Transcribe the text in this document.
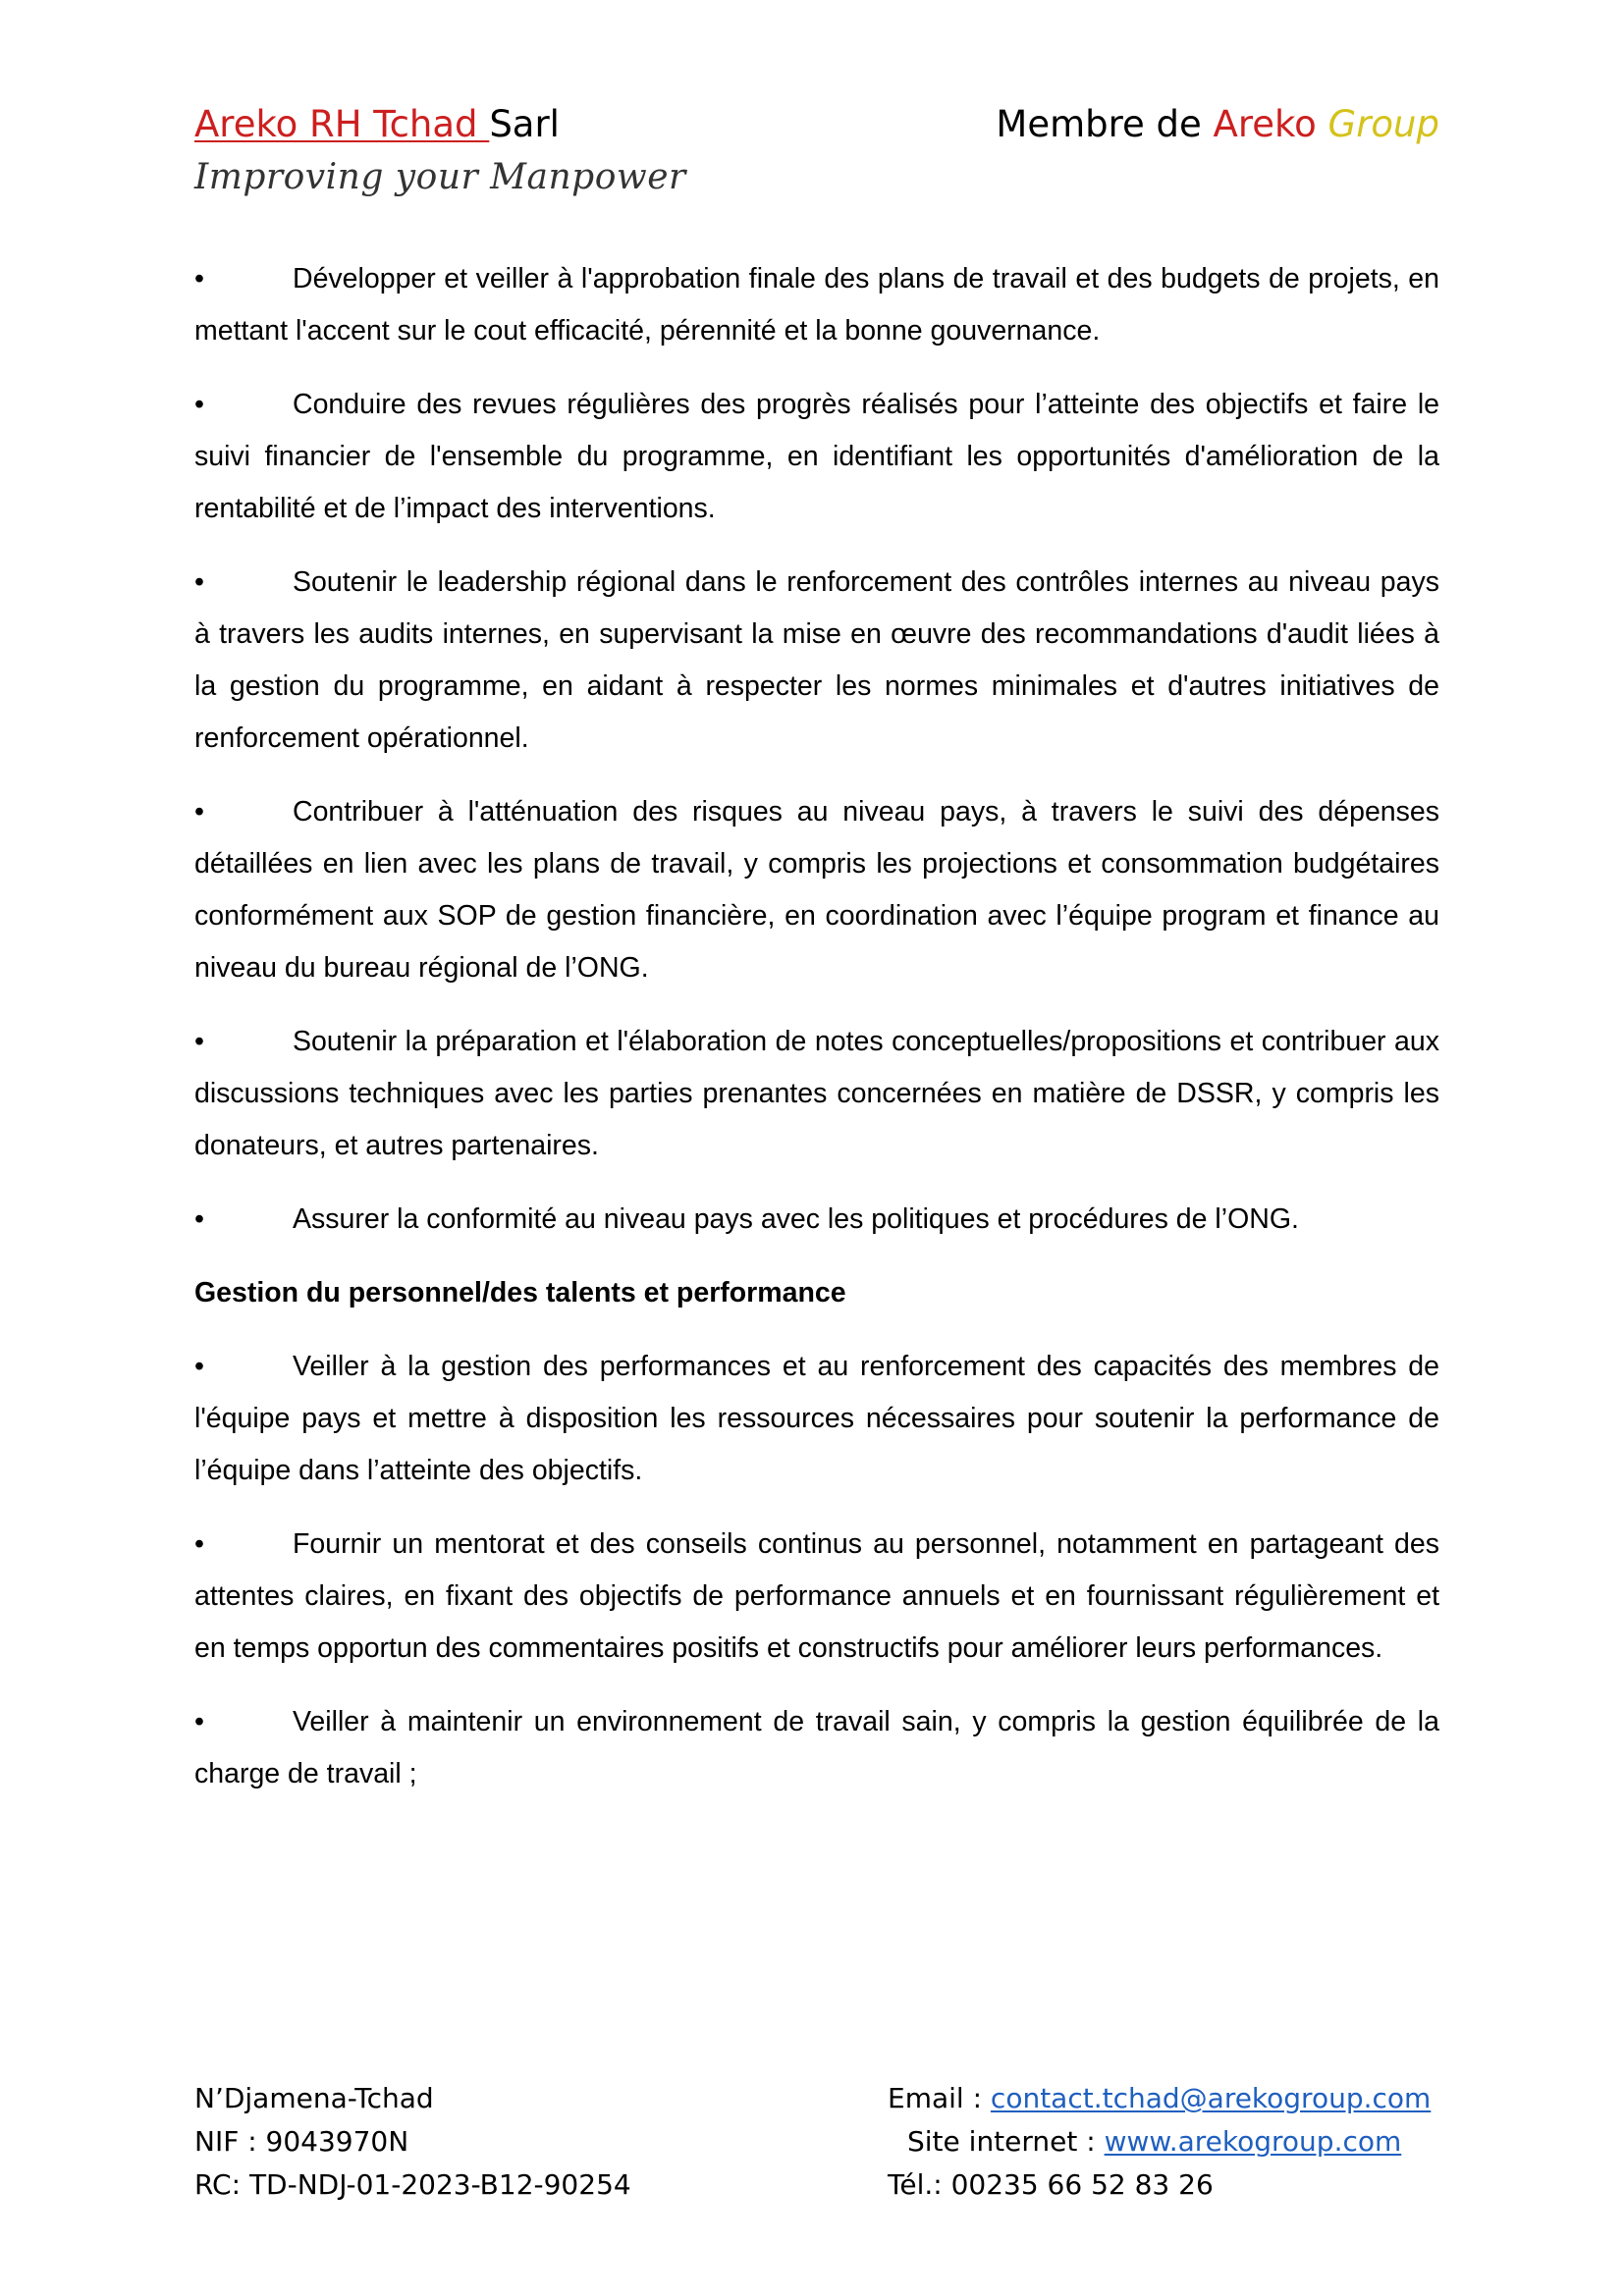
Areko RH Tchad Sarl
Improving your Manpower
Membre de Areko Group

•	Développer et veiller à l'approbation finale des plans de travail et des budgets de projets, en mettant l'accent sur le cout efficacité, pérennité et la bonne gouvernance.

•	Conduire des revues régulières des progrès réalisés pour l’atteinte des objectifs et faire le suivi financier de l'ensemble du programme, en identifiant les opportunités d'amélioration de la rentabilité et de l’impact des interventions.

•	Soutenir le leadership régional dans le renforcement des contrôles internes au niveau pays à travers les audits internes, en supervisant la mise en œuvre des recommandations d'audit liées à la gestion du programme, en aidant à respecter les normes minimales et d'autres initiatives de renforcement opérationnel.

•	Contribuer à l'atténuation des risques au niveau pays, à travers le suivi des dépenses détaillées en lien avec les plans de travail, y compris les projections et consommation budgétaires conformément aux SOP de gestion financière, en coordination avec l’équipe program et finance au niveau du bureau régional de l’ONG.

•	Soutenir la préparation et l'élaboration de notes conceptuelles/propositions et contribuer aux discussions techniques avec les parties prenantes concernées en matière de DSSR, y compris les donateurs, et autres partenaires.

•	Assurer la conformité au niveau pays avec les politiques et procédures de l’ONG.

Gestion du personnel/des talents et performance

•	Veiller à la gestion des performances et au renforcement des capacités des membres de l'équipe pays et mettre à disposition les ressources nécessaires pour soutenir la performance de l’équipe dans l’atteinte des objectifs.

•	Fournir un mentorat et des conseils continus au personnel, notamment en partageant des attentes claires, en fixant des objectifs de performance annuels et en fournissant régulièrement et en temps opportun des commentaires positifs et constructifs pour améliorer leurs performances.

•	Veiller à maintenir un environnement de travail sain, y compris la gestion équilibrée de la charge de travail ;

N’Djamena-Tchad
NIF : 9043970N
RC: TD-NDJ-01-2023-B12-90254
Email : contact.tchad@arekogroup.com
Site internet : www.arekogroup.com
Tél.: 00235 66 52 83 26
